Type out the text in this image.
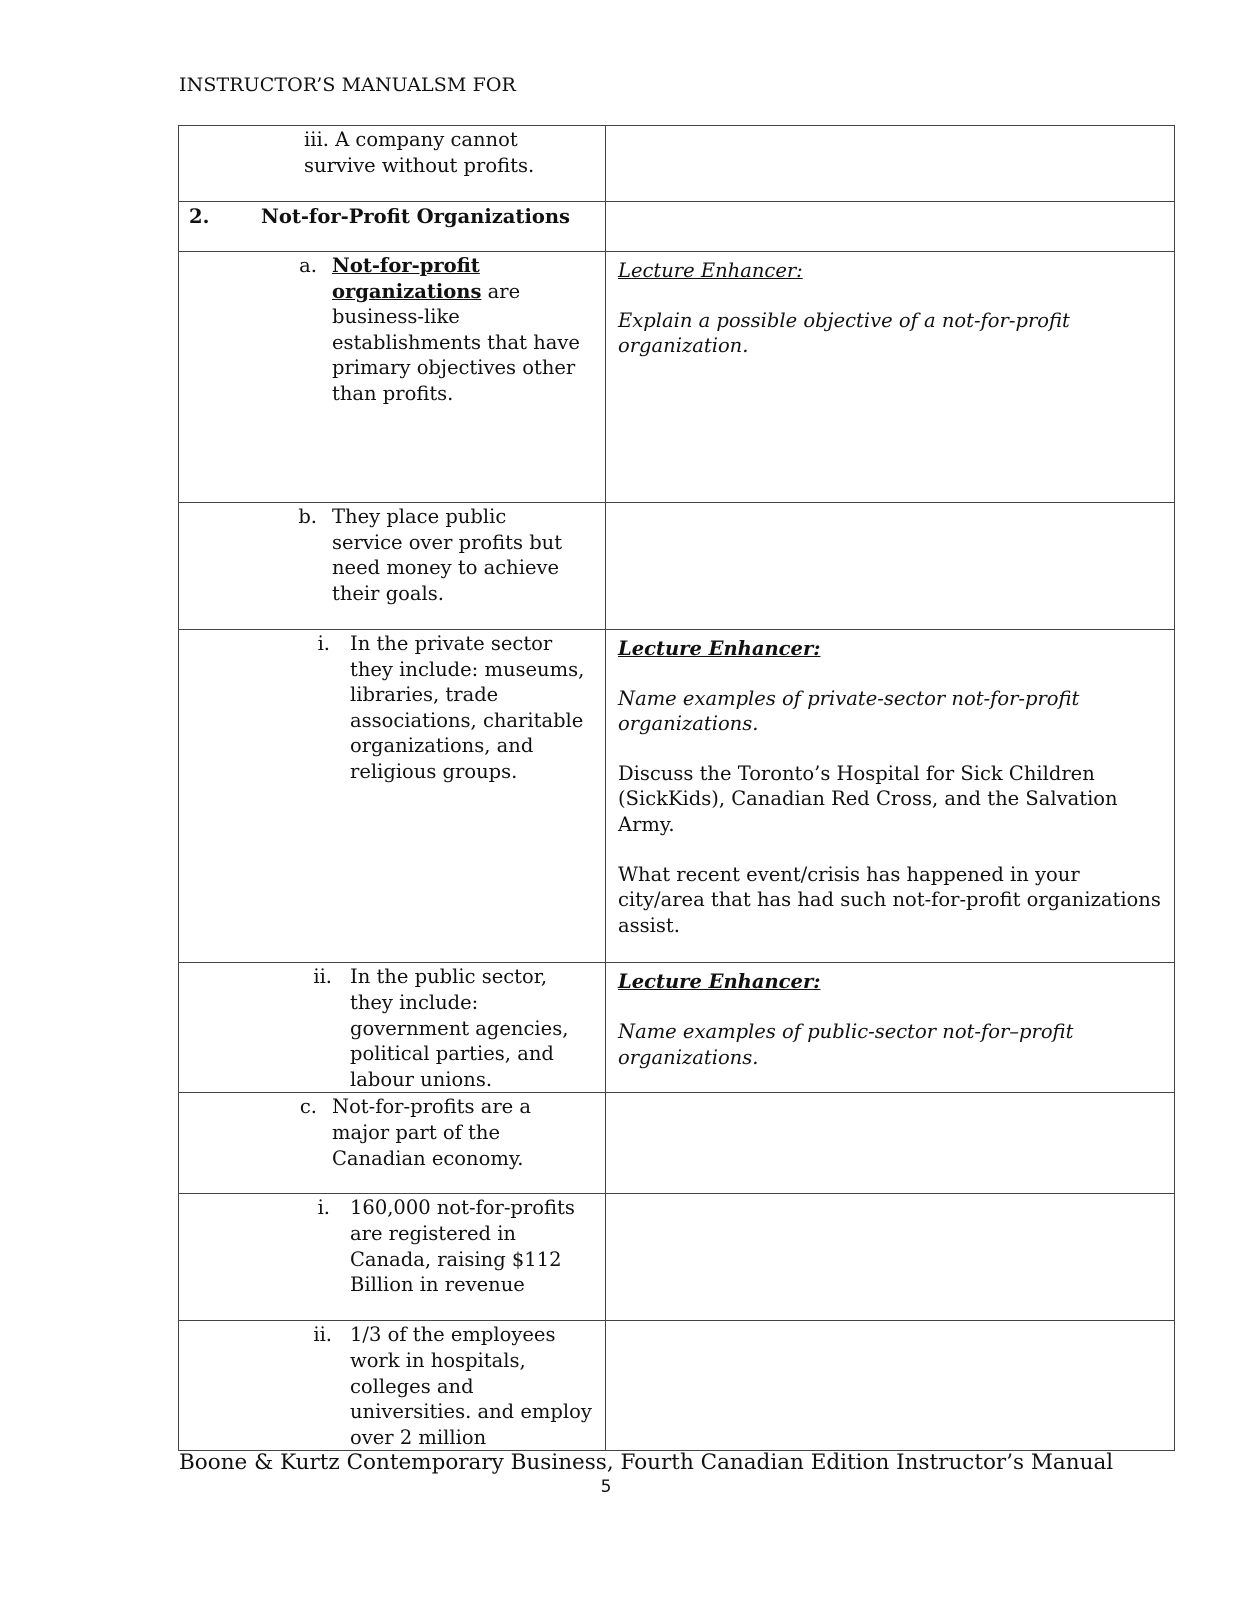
INSTRUCTOR’S MANUALSM FOR
iii. A company cannot survive without profits.	

2. Not-for-Profit Organizations	

a. Not-for-profit organizations are business-like establishments that have primary objectives other than profits.	Lecture Enhancer:
Explain a possible objective of a not-for-profit organization.

b. They place public service over profits but need money to achieve their goals.	

i. In the private sector they include: museums, libraries, trade associations, charitable organizations, and religious groups.	Lecture Enhancer:
Name examples of private-sector not-for-profit organizations.
Discuss the Toronto’s Hospital for Sick Children (SickKids), Canadian Red Cross, and the Salvation Army.
What recent event/crisis has happened in your city/area that has had such not-for-profit organizations assist.

ii. In the public sector, they include: government agencies, political parties, and labour unions.	Lecture Enhancer:
Name examples of public-sector not-for–profit organizations.

c. Not-for-profits are a major part of the Canadian economy.	

i. 160,000 not-for-profits are registered in Canada, raising $112 Billion in revenue	

ii. 1/3 of the employees work in hospitals, colleges and universities. and employ over 2 million	

Boone & Kurtz Contemporary Business, Fourth Canadian Edition Instructor’s Manual
5
